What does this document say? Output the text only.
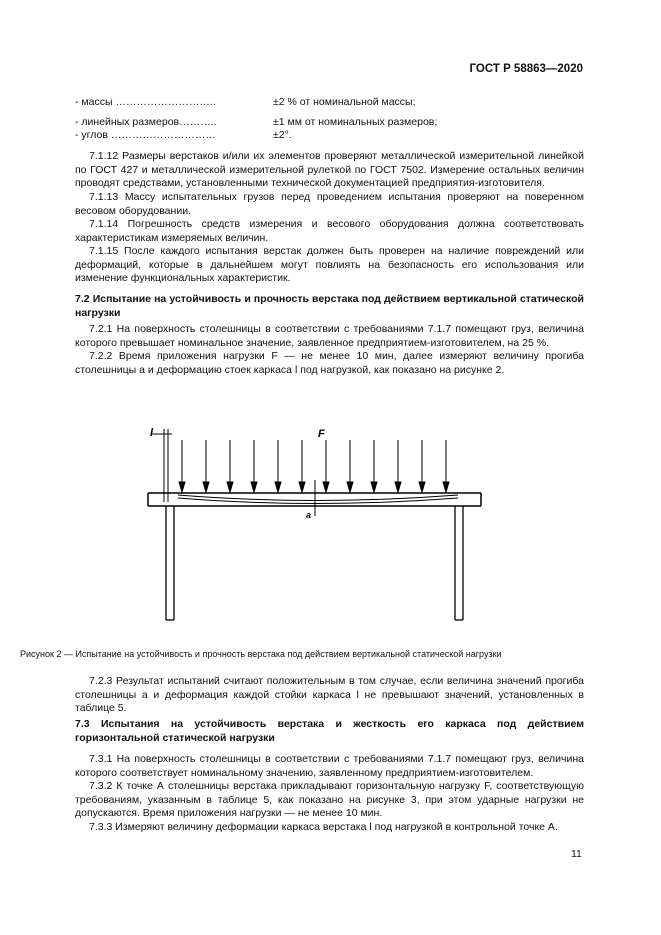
ГОСТ Р 58863—2020
- массы ………………………..	±2 % от номинальной массы;
- линейных размеров………..	±1 мм от номинальных размеров;
- углов …………………………	±2°.

7.1.12 Размеры верстаков и/или их элементов проверяют металлической измерительной линейкой по ГОСТ 427 и металлической измерительной рулеткой по ГОСТ 7502. Измерение остальных величин проводят средствами, установленными технической документацией предприятия-изготовителя.

7.1.13 Массу испытательных грузов перед проведением испытания проверяют на поверенном весовом оборудовании.

7.1.14 Погрешность средств измерения и весового оборудования должна соответствовать характеристикам измеряемых величин.

7.1.15 После каждого испытания верстак должен быть проверен на наличие повреждений или деформаций, которые в дальнейшем могут повлиять на безопасность его использования или изменение функциональных характеристик.

7.2 Испытание на устойчивость и прочность верстака под действием вертикальной статической нагрузки

7.2.1 На поверхность столешницы в соответствии с требованиями 7.1.7 помещают груз, величина которого превышает номинальное значение, заявленное предприятием-изготовителем, на 25 %.

7.2.2 Время приложения нагрузки F — не менее 10 мин, далее измеряют величину прогиба столешницы a и деформацию стоек каркаса l под нагрузкой, как показано на рисунке 2.

l	F
a
Рисунок 2 — Испытание на устойчивость и прочность верстака под действием вертикальной статической нагрузки

7.2.3 Результат испытаний считают положительным в том случае, если величина значений прогиба столешницы a и деформация каждой стойки каркаса l не превышают значений, установленных в таблице 5.

7.3 Испытания на устойчивость верстака и жесткость его каркаса под действием горизонтальной статической нагрузки

7.3.1 На поверхность столешницы в соответствии с требованиями 7.1.7 помещают груз, величина которого соответствует номинальному значению, заявленному предприятием-изготовителем.

7.3.2 К точке А столешницы верстака прикладывают горизонтальную нагрузку F, соответствующую требованиям, указанным в таблице 5, как показано на рисунке 3, при этом ударные нагрузки не допускаются. Время приложения нагрузки — не менее 10 мин.

7.3.3 Измеряют величину деформации каркаса верстака l под нагрузкой в контрольной точке А.

11
